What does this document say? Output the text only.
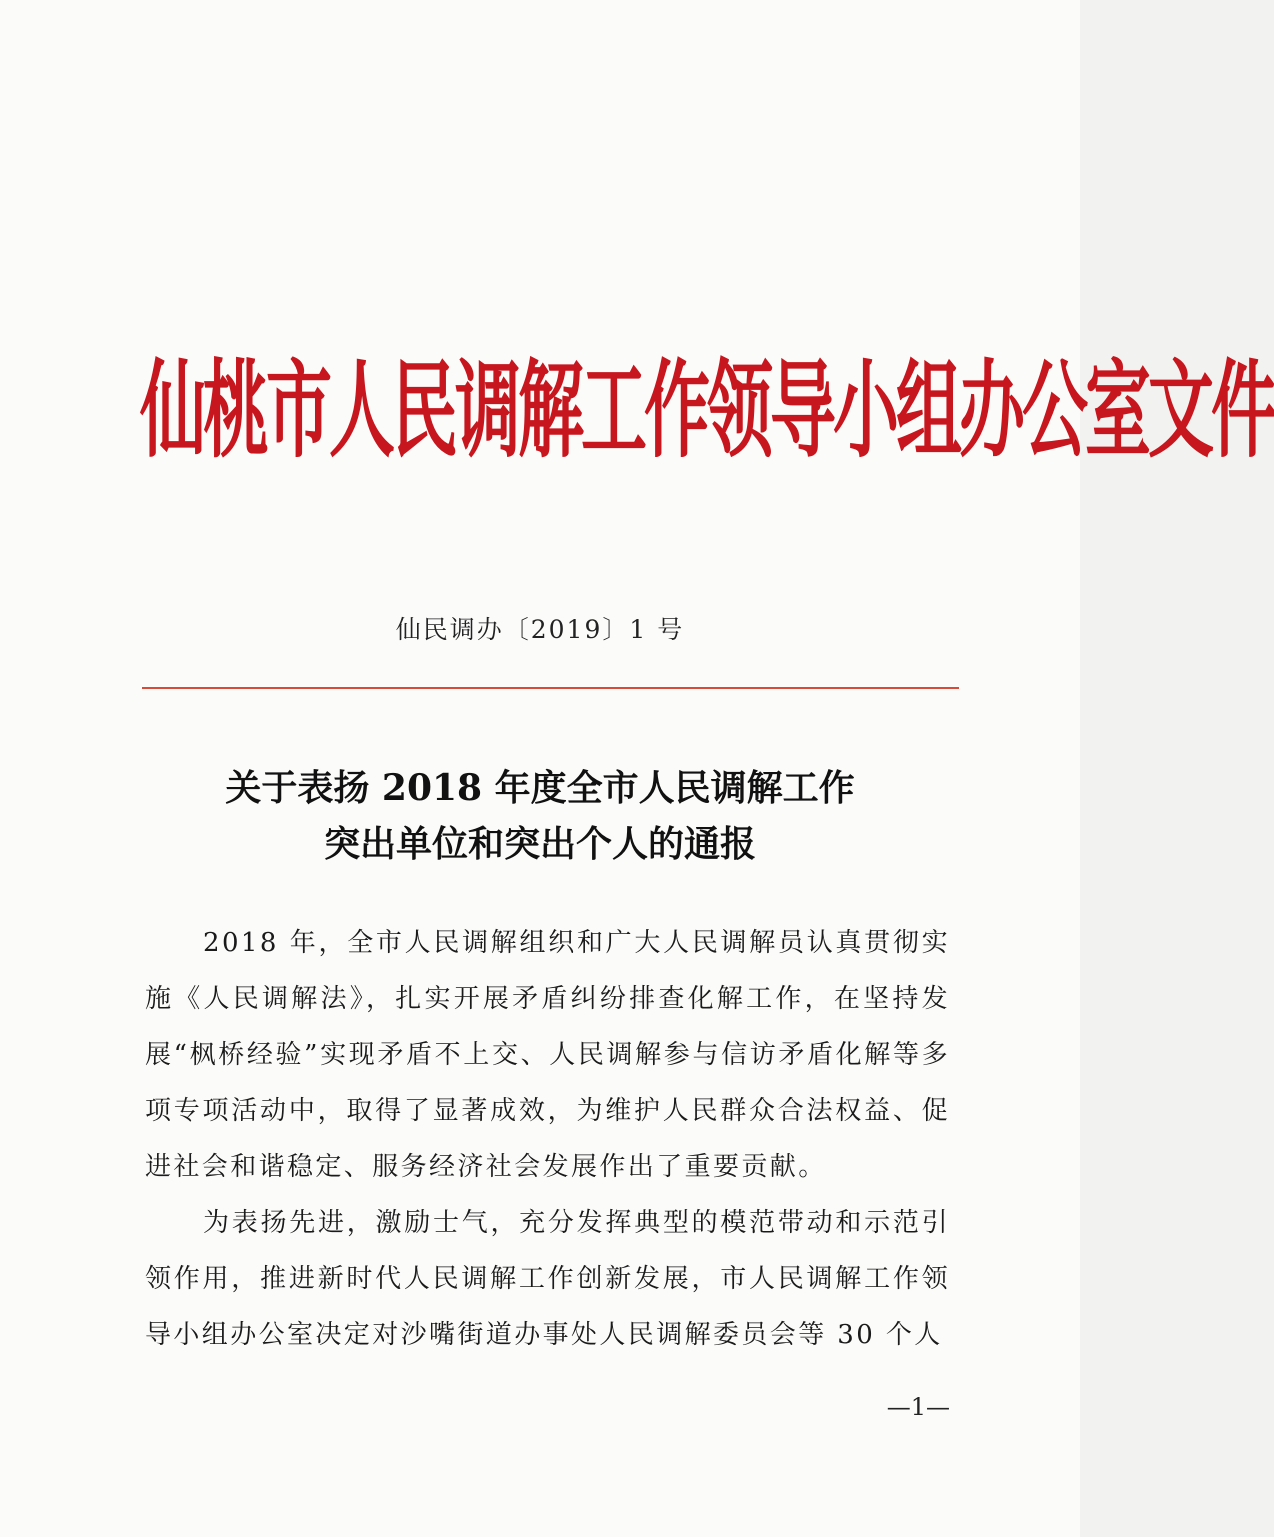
仙桃市人民调解工作领导小组办公室文件
仙民调办〔2019〕1 号
关于表扬 2018 年度全市人民调解工作
突出单位和突出个人的通报

2018 年，全市人民调解组织和广大人民调解员认真贯彻实施《人民调解法》，扎实开展矛盾纠纷排查化解工作，在坚持发展“枫桥经验”实现矛盾不上交、人民调解参与信访矛盾化解等多项专项活动中，取得了显著成效，为维护人民群众合法权益、促进社会和谐稳定、服务经济社会发展作出了重要贡献。

为表扬先进，激励士气，充分发挥典型的模范带动和示范引领作用，推进新时代人民调解工作创新发展，市人民调解工作领导小组办公室决定对沙嘴街道办事处人民调解委员会等 30 个人

—1—
